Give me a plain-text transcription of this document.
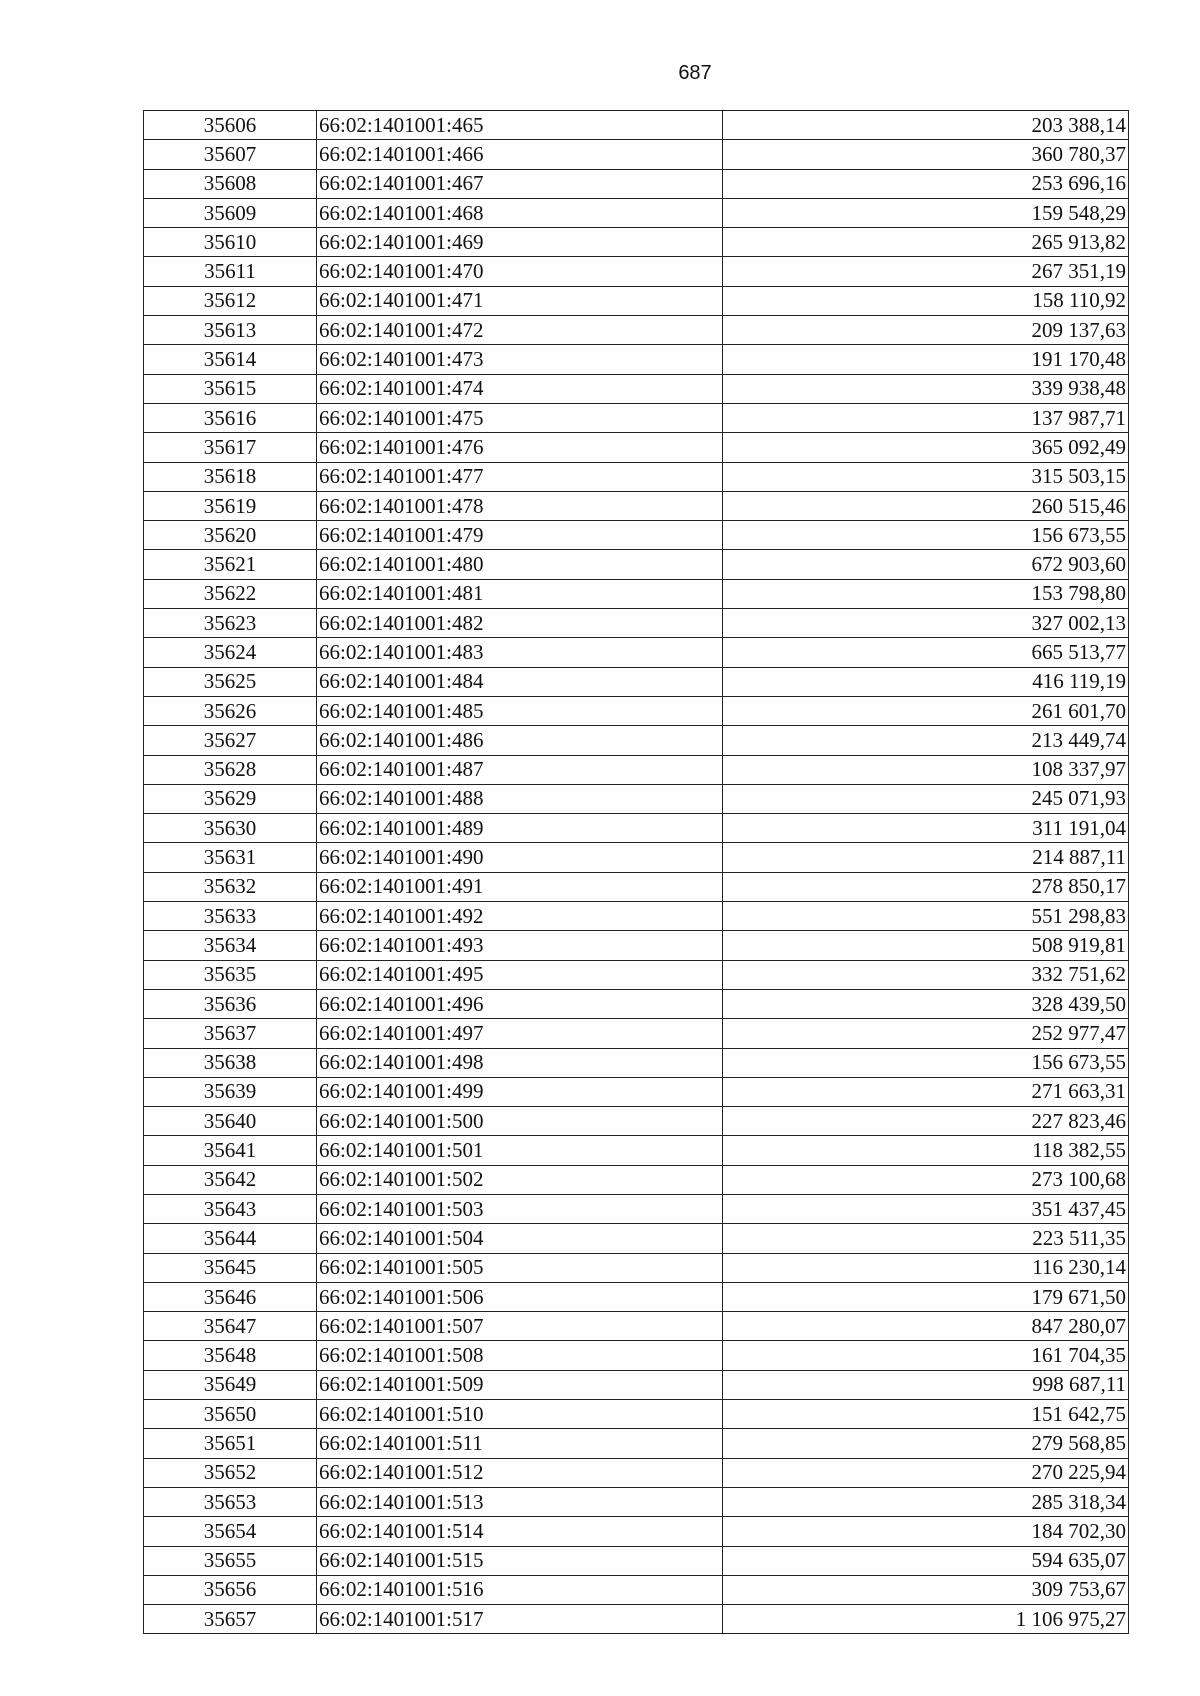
687
35606	66:02:1401001:465	203 388,14
35607	66:02:1401001:466	360 780,37
35608	66:02:1401001:467	253 696,16
35609	66:02:1401001:468	159 548,29
35610	66:02:1401001:469	265 913,82
35611	66:02:1401001:470	267 351,19
35612	66:02:1401001:471	158 110,92
35613	66:02:1401001:472	209 137,63
35614	66:02:1401001:473	191 170,48
35615	66:02:1401001:474	339 938,48
35616	66:02:1401001:475	137 987,71
35617	66:02:1401001:476	365 092,49
35618	66:02:1401001:477	315 503,15
35619	66:02:1401001:478	260 515,46
35620	66:02:1401001:479	156 673,55
35621	66:02:1401001:480	672 903,60
35622	66:02:1401001:481	153 798,80
35623	66:02:1401001:482	327 002,13
35624	66:02:1401001:483	665 513,77
35625	66:02:1401001:484	416 119,19
35626	66:02:1401001:485	261 601,70
35627	66:02:1401001:486	213 449,74
35628	66:02:1401001:487	108 337,97
35629	66:02:1401001:488	245 071,93
35630	66:02:1401001:489	311 191,04
35631	66:02:1401001:490	214 887,11
35632	66:02:1401001:491	278 850,17
35633	66:02:1401001:492	551 298,83
35634	66:02:1401001:493	508 919,81
35635	66:02:1401001:495	332 751,62
35636	66:02:1401001:496	328 439,50
35637	66:02:1401001:497	252 977,47
35638	66:02:1401001:498	156 673,55
35639	66:02:1401001:499	271 663,31
35640	66:02:1401001:500	227 823,46
35641	66:02:1401001:501	118 382,55
35642	66:02:1401001:502	273 100,68
35643	66:02:1401001:503	351 437,45
35644	66:02:1401001:504	223 511,35
35645	66:02:1401001:505	116 230,14
35646	66:02:1401001:506	179 671,50
35647	66:02:1401001:507	847 280,07
35648	66:02:1401001:508	161 704,35
35649	66:02:1401001:509	998 687,11
35650	66:02:1401001:510	151 642,75
35651	66:02:1401001:511	279 568,85
35652	66:02:1401001:512	270 225,94
35653	66:02:1401001:513	285 318,34
35654	66:02:1401001:514	184 702,30
35655	66:02:1401001:515	594 635,07
35656	66:02:1401001:516	309 753,67
35657	66:02:1401001:517	1 106 975,27
